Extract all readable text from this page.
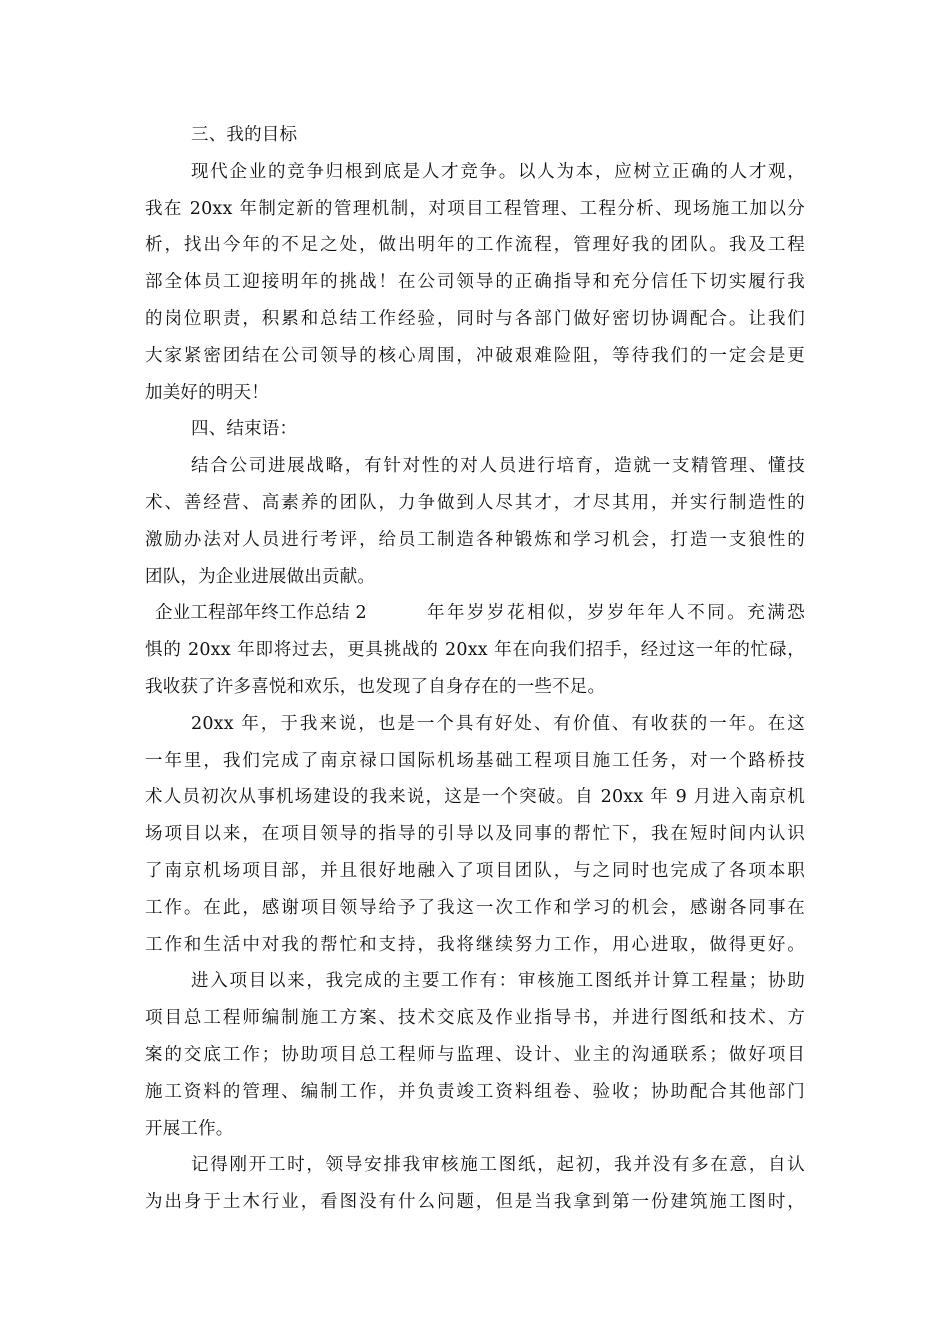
三、我的目标
现代企业的竞争归根到底是人才竞争。以人为本，应树立正确的人才观，
我在 20xx 年制定新的管理机制，对项目工程管理、工程分析、现场施工加以分
析，找出今年的不足之处，做出明年的工作流程，管理好我的团队。我及工程
部全体员工迎接明年的挑战！在公司领导的正确指导和充分信任下切实履行我
的岗位职责，积累和总结工作经验，同时与各部门做好密切协调配合。让我们
大家紧密团结在公司领导的核心周围，冲破艰难险阻，等待我们的一定会是更
加美好的明天！
四、结束语：
结合公司进展战略，有针对性的对人员进行培育，造就一支精管理、懂技
术、善经营、高素养的团队，力争做到人尽其才，才尽其用，并实行制造性的
激励办法对人员进行考评，给员工制造各种锻炼和学习机会，打造一支狼性的
团队，为企业进展做出贡献。
企业工程部年终工作总结 2	年年岁岁花相似，岁岁年年人不同。充满恐
惧的 20xx 年即将过去，更具挑战的 20xx 年在向我们招手，经过这一年的忙碌，
我收获了许多喜悦和欢乐，也发现了自身存在的一些不足。
20xx 年，于我来说，也是一个具有好处、有价值、有收获的一年。在这
一年里，我们完成了南京禄口国际机场基础工程项目施工任务，对一个路桥技
术人员初次从事机场建设的我来说，这是一个突破。自 20xx 年 9 月进入南京机
场项目以来，在项目领导的指导的引导以及同事的帮忙下，我在短时间内认识
了南京机场项目部，并且很好地融入了项目团队，与之同时也完成了各项本职
工作。在此，感谢项目领导给予了我这一次工作和学习的机会，感谢各同事在
工作和生活中对我的帮忙和支持，我将继续努力工作，用心进取，做得更好。
进入项目以来，我完成的主要工作有：审核施工图纸并计算工程量；协助
项目总工程师编制施工方案、技术交底及作业指导书，并进行图纸和技术、方
案的交底工作；协助项目总工程师与监理、设计、业主的沟通联系；做好项目
施工资料的管理、编制工作，并负责竣工资料组卷、验收；协助配合其他部门
开展工作。
记得刚开工时，领导安排我审核施工图纸，起初，我并没有多在意，自认
为出身于土木行业，看图没有什么问题，但是当我拿到第一份建筑施工图时，
